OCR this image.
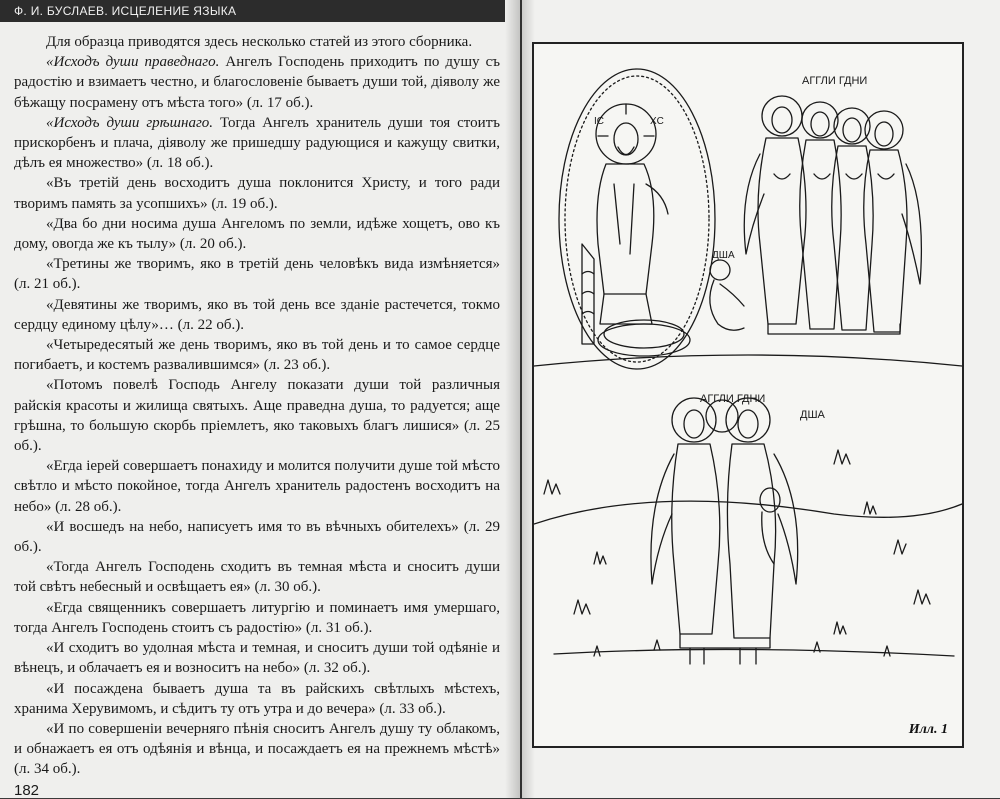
Ф. И. БУСЛАЕВ. ИСЦЕЛЕНИЕ ЯЗЫКА

Для образца приводятся здесь несколько статей из этого сборника.

«Исходъ души праведнаго. Ангелъ Господень приходитъ по душу съ радостію и взимаетъ честно, и благословеніе бываетъ души той, діяволу же бѣжащу посрамену отъ мѣста того» (л. 17 об.).

«Исходъ души грѣшнаго. Тогда Ангелъ хранитель души тоя стоитъ прискорбенъ и плача, діяволу же пришедшу радующися и кажущу свитки, дѣлъ ея множество» (л. 18 об.).

«Въ третій день восходитъ душа поклонится Христу, и того ради творимъ память за усопшихъ» (л. 19 об.).

«Два бо дни носима душа Ангеломъ по земли, идѣже хощетъ, ово къ дому, овогда же къ тылу» (л. 20 об.).

«Третины же творимъ, яко в третій день человѣкъ вида измѣняется» (л. 21 об.).

«Девятины же творимъ, яко въ той день все зданіе растечется, токмо сердцу единому цѣлу»… (л. 22 об.).

«Четыредесятый же день творимъ, яко въ той день и то самое сердце погибаетъ, и костемъ развалившимся» (л. 23 об.).

«Потомъ повелѣ Господь Ангелу показати души той различныя райскія красоты и жилища святыхъ. Аще праведна душа, то радуется; аще грѣшна, то большую скорбь пріемлетъ, яко таковыхъ благъ лишися» (л. 25 об.).

«Егда іерей совершаетъ понахиду и молится получити душе той мѣсто свѣтло и мѣсто покойное, тогда Ангелъ хранитель радостенъ восходитъ на небо» (л. 28 об.).

«И восшедъ на небо, написуетъ имя то въ вѣчныхъ обителехъ» (л. 29 об.).

«Тогда Ангелъ Господень сходитъ въ темная мѣста и сноситъ души той свѣтъ небесный и освѣщаетъ ея» (л. 30 об.).

«Егда священникъ совершаетъ литургію и поминаетъ имя умершаго, тогда Ангелъ Господень стоитъ съ радостію» (л. 31 об.).

«И сходитъ во удолная мѣста и темная, и сноситъ души той одѣяніе и вѣнецъ, и облачаетъ ея и возноситъ на небо» (л. 32 об.).

«И посаждена бываетъ душа та въ райскихъ свѣтлыхъ мѣстехъ, хранима Херувимомъ, и сѣдитъ ту отъ утра и до вечера» (л. 33 об.).

«И по совершеніи вечерняго пѣнія сноситъ Ангелъ душу ту облакомъ, и обнажаетъ ея отъ одѣянія и вѣнца, и посаждаетъ ея на прежнемъ мѣстѣ» (л. 34 об.).

182
IC	XC
АГГЛИ ГДНИ
ДША
АГГЛИ ГДНИ
ДША
Илл. 1
